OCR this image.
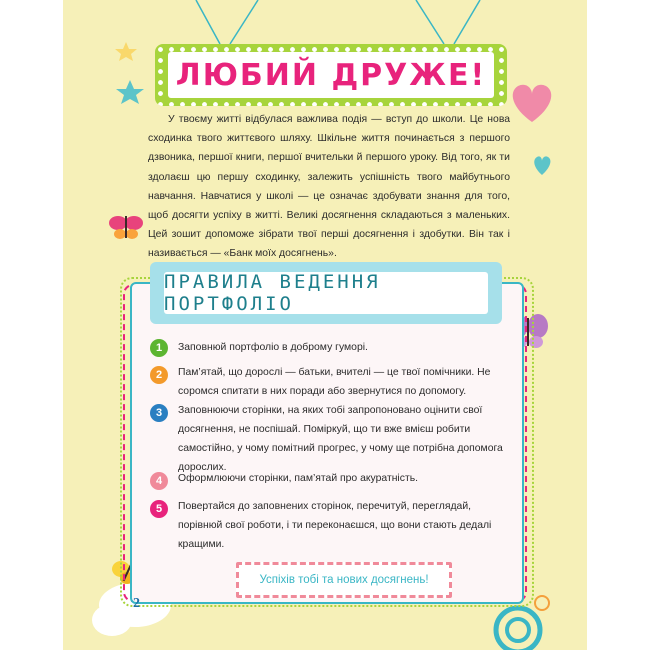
ЛЮБИЙ ДРУЖЕ!
У твоєму житті відбулася важлива подія — вступ до школи. Це нова сходинка твого життєвого шляху. Шкільне життя починається з першого дзвоника, першої книги, першої вчительки й першого уроку. Від того, як ти здолаєш цю першу сходинку, залежить успішність твого майбутнього навчання. Навчатися у школі — це означає здобувати знання для того, щоб досягти успіху в житті. Великі досягнення складаються з маленьких. Цей зошит допоможе зібрати твої перші досягнення і здобутки. Він так і називається — «Банк моїх досягнень».
ПРАВИЛА ВЕДЕННЯ ПОРТФОЛІО
1 Заповнюй портфоліо в доброму гуморі.
2 Пам’ятай, що дорослі — батьки, вчителі — це твої помічники. Не соромся спитати в них поради або звернутися по допомогу.
3 Заповнюючи сторінки, на яких тобі запропоновано оцінити свої досягнення, не поспішай. Поміркуй, що ти вже вмієш робити самостійно, у чому помітний прогрес, у чому ще потрібна допомога дорослих.
4 Оформлюючи сторінки, пам’ятай про акуратність.
5 Повертайся до заповнених сторінок, перечитуй, переглядай, порівнюй свої роботи, і ти переконаєшся, що вони стають дедалі кращими.
Успіхів тобі та нових досягнень!
2
